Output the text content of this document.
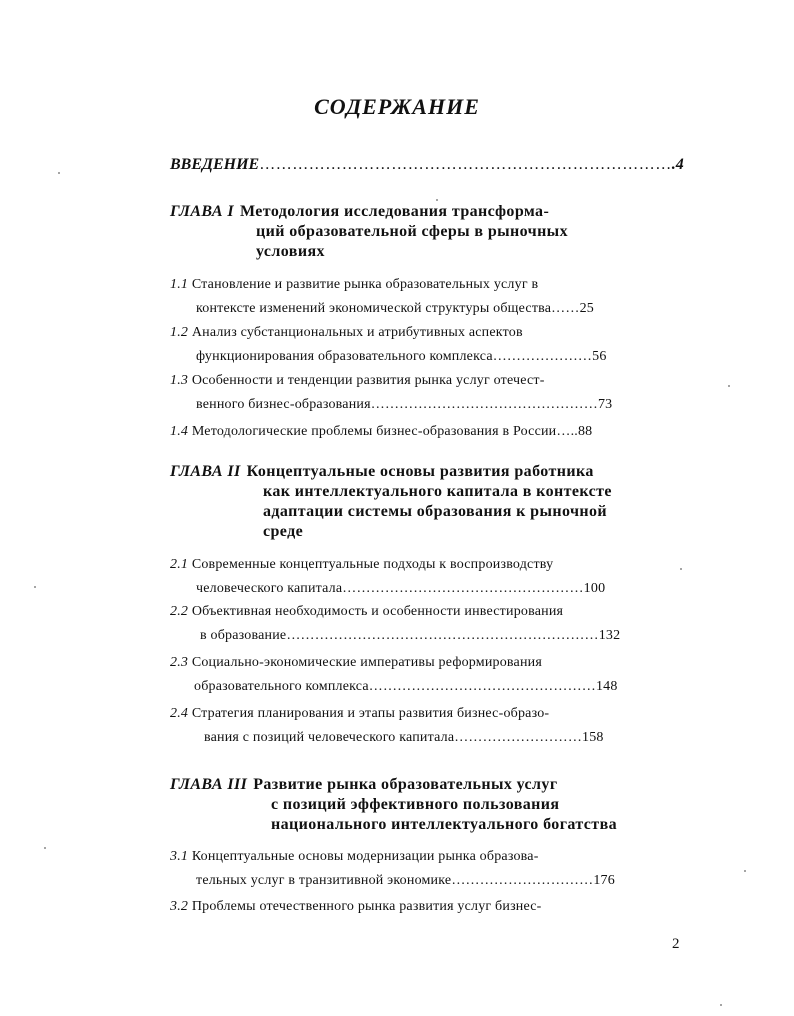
СОДЕРЖАНИЕ
ВВЕДЕНИЕ………………………………………………………………….4
ГЛАВА I Методология исследования трансформа-
ций образовательной сферы в рыночных
условиях
1.1 Становление и развитие рынка образовательных услуг в
контексте изменений экономической структуры общества……25
1.2 Анализ субстанциональных и атрибутивных аспектов
функционирования образовательного комплекса…………………56
1.3 Особенности и тенденции развития рынка услуг отечест-
венного бизнес-образования…………………………………………73
1.4 Методологические проблемы бизнес-образования в России…..88
ГЛАВА II Концептуальные основы развития работника
как интеллектуального капитала в контексте
адаптации системы образования к рыночной
среде
2.1 Современные концептуальные подходы к воспроизводству
человеческого капитала……………………………………………100
2.2 Объективная необходимость и особенности инвестирования
в образование…………………………………………………………132
2.3 Социально-экономические императивы реформирования
образовательного комплекса…………………………………………148
2.4 Стратегия планирования и этапы развития бизнес-образо-
вания с позиций человеческого капитала………………………158
ГЛАВА III Развитие рынка образовательных услуг
с позиций эффективного пользования
национального интеллектуального богатства
3.1 Концептуальные основы модернизации рынка образова-
тельных услуг в транзитивной экономике…………………………176
3.2 Проблемы отечественного рынка развития услуг бизнес-
2
